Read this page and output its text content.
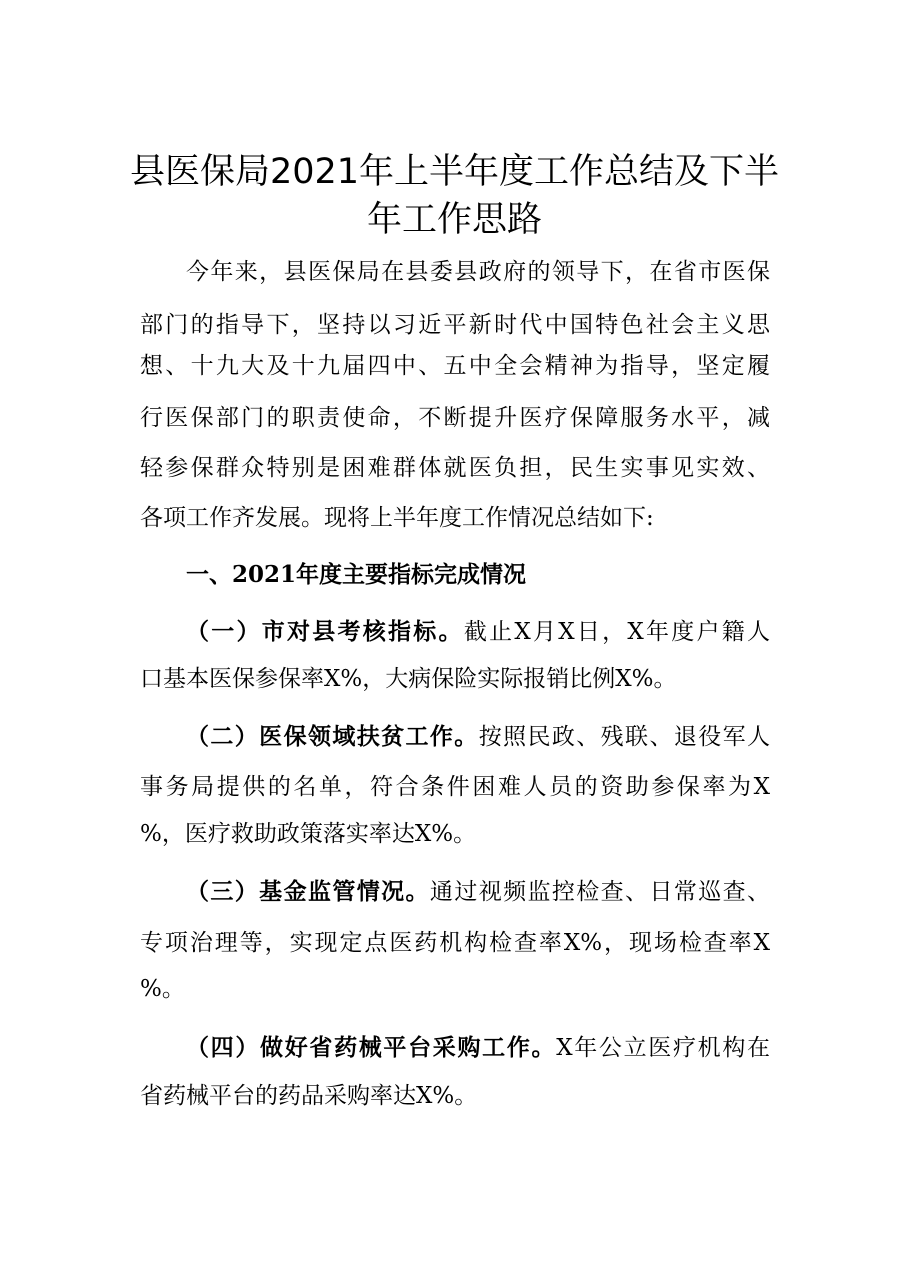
县医保局2021年上半年度工作总结及下半
年工作思路
今年来，县医保局在县委县政府的领导下，在省市医保
部门的指导下，坚持以习近平新时代中国特色社会主义思
想、十九大及十九届四中、五中全会精神为指导，坚定履
行医保部门的职责使命，不断提升医疗保障服务水平，减
轻参保群众特别是困难群体就医负担，民生实事见实效、
各项工作齐发展。现将上半年度工作情况总结如下:
一、2021年度主要指标完成情况
（一）市对县考核指标。截止X月X日，X年度户籍人
口基本医保参保率X%，大病保险实际报销比例X%。
（二）医保领域扶贫工作。按照民政、残联、退役军人
事务局提供的名单，符合条件困难人员的资助参保率为X
%，医疗救助政策落实率达X%。
（三）基金监管情况。通过视频监控检查、日常巡查、
专项治理等，实现定点医药机构检查率X%，现场检查率X
%。
（四）做好省药械平台采购工作。X年公立医疗机构在
省药械平台的药品采购率达X%。
